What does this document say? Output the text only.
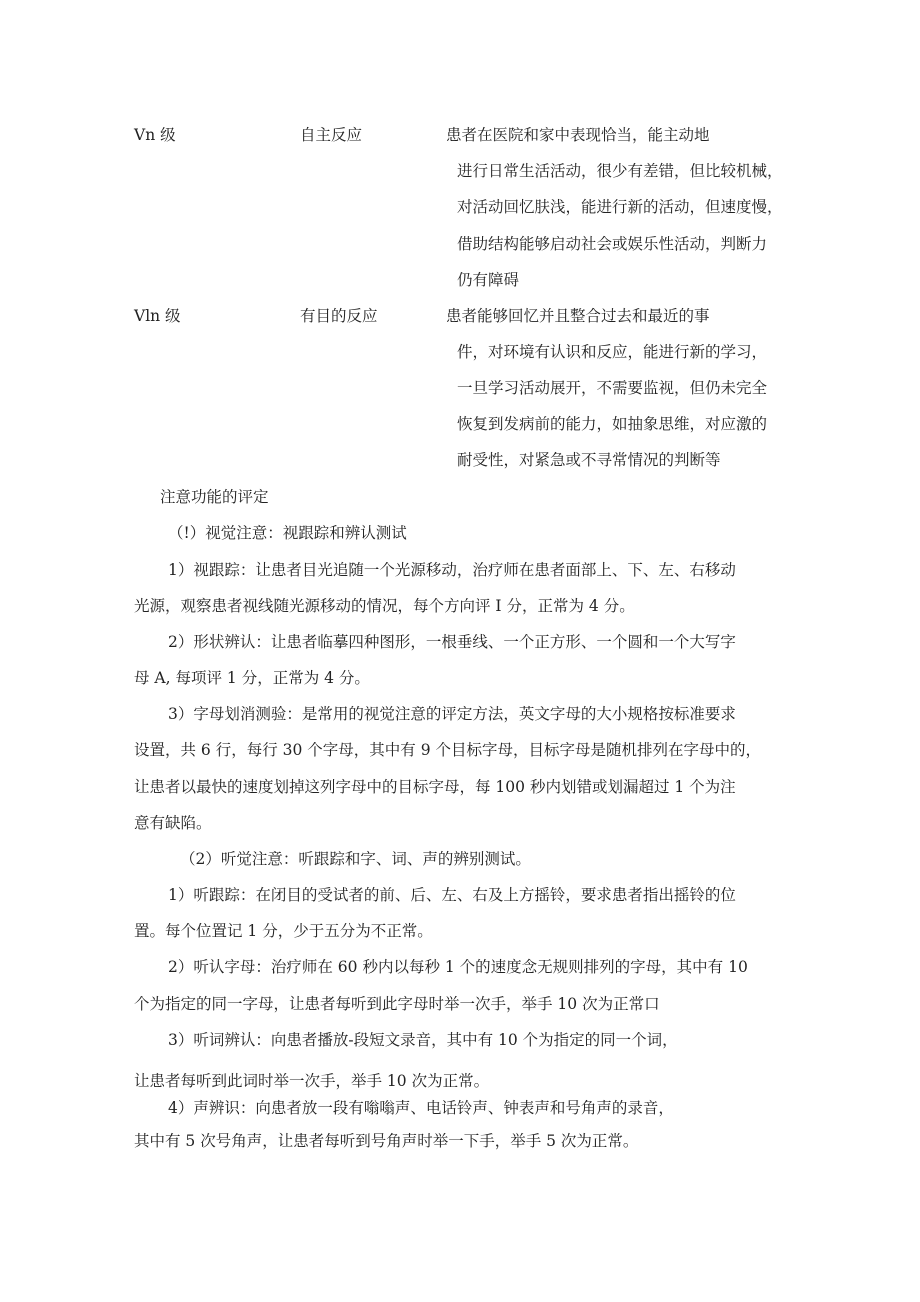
Vn 级	自主反应	患者在医院和家中表现恰当，能主动地
进行日常生活活动，很少有差错，但比较机械，
对活动回忆肤浅，能进行新的活动，但速度慢，
借助结构能够启动社会或娱乐性活动，判断力
仍有障碍
Vln 级	有目的反应	患者能够回忆并且整合过去和最近的事
件，对环境有认识和反应，能进行新的学习，
一旦学习活动展开，不需要监视，但仍未完全
恢复到发病前的能力，如抽象思维，对应激的
耐受性，对紧急或不寻常情况的判断等
注意功能的评定
（!）视觉注意：视跟踪和辨认测试
1）视跟踪：让患者目光追随一个光源移动，治疗师在患者面部上、下、左、右移动
光源，观察患者视线随光源移动的情况，每个方向评 I 分，正常为 4 分。
2）形状辨认：让患者临摹四种图形，一根垂线、一个正方形、一个圆和一个大写字
母 A, 每项评 1 分，正常为 4 分。
3）字母划消测验：是常用的视觉注意的评定方法，英文字母的大小规格按标准要求
设置，共 6 行，每行 30 个字母，其中有 9 个目标字母，目标字母是随机排列在字母中的，
让患者以最快的速度划掉这列字母中的目标字母，每 100 秒内划错或划漏超过 1 个为注
意有缺陷。
（2）听觉注意：听跟踪和字、词、声的辨别测试。
1）听跟踪：在闭目的受试者的前、后、左、右及上方摇铃，要求患者指出摇铃的位
置。每个位置记 1 分，少于五分为不正常。
2）听认字母：治疗师在 60 秒内以每秒 1 个的速度念无规则排列的字母，其中有 10
个为指定的同一字母，让患者每听到此字母时举一次手，举手 10 次为正常口
3）听词辨认：向患者播放-段短文录音，其中有 10 个为指定的同一个词，
让患者每听到此词时举一次手，举手 10 次为正常。
4）声辨识：向患者放一段有嗡嗡声、电话铃声、钟表声和号角声的录音，
其中有 5 次号角声，让患者每听到号角声时举一下手，举手 5 次为正常。
